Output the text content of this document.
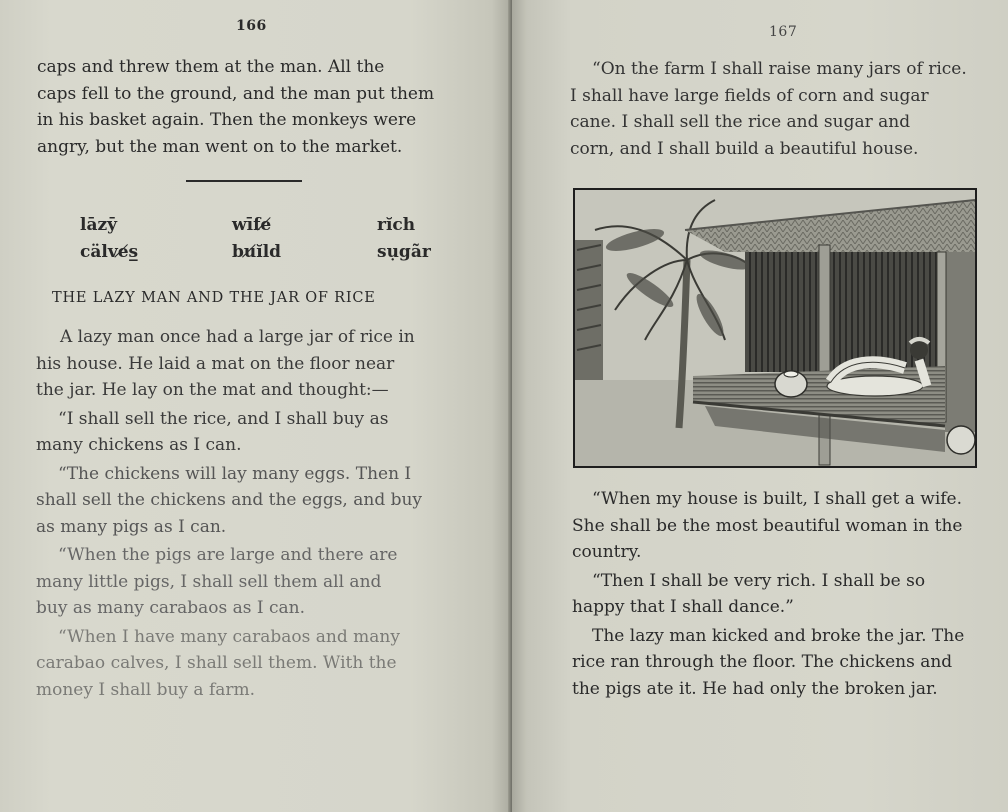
166

caps and threw them at the man. All the
caps fell to the ground, and the man put them
in his basket again. Then the monkeys were
angry, but the man went on to the market.

lāzȳ	wīfe̸	rĭch
cälve̸s̲	bu̸ĭld	sụgãr
THE LAZY MAN AND THE JAR OF RICE

A lazy man once had a large jar of rice in
his house. He laid a mat on the floor near
the jar. He lay on the mat and thought:—

“I shall sell the rice, and I shall buy as
many chickens as I can.

“The chickens will lay many eggs. Then I
shall sell the chickens and the eggs, and buy
as many pigs as I can.

“When the pigs are large and there are
many little pigs, I shall sell them all and
buy as many carabaos as I can.

“When I have many carabaos and many
carabao calves, I shall sell them. With the
money I shall buy a farm.

167

“On the farm I shall raise many jars of rice.
I shall have large fields of corn and sugar
cane. I shall sell the rice and sugar and
corn, and I shall build a beautiful house.

“When my house is built, I shall get a wife.
She shall be the most beautiful woman in the
country.

“Then I shall be very rich. I shall be so
happy that I shall dance.”

The lazy man kicked and broke the jar. The
rice ran through the floor. The chickens and
the pigs ate it. He had only the broken jar.
